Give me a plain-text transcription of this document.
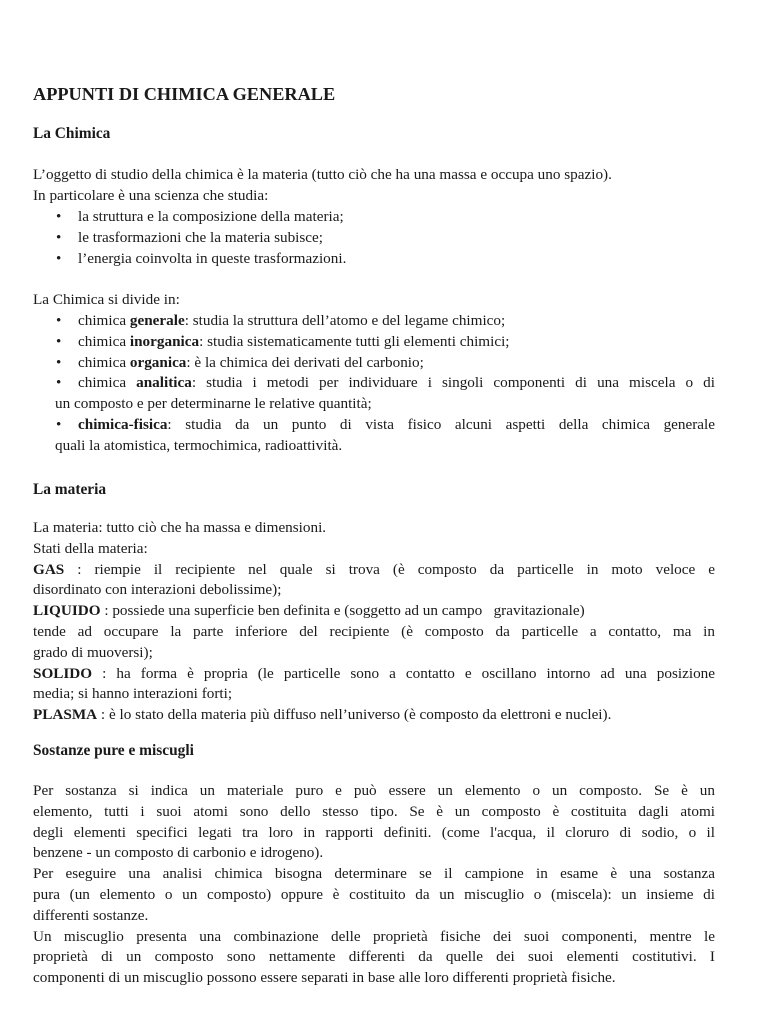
APPUNTI DI CHIMICA GENERALE
La Chimica
L’oggetto di studio della chimica è la materia (tutto ciò che ha una massa e occupa uno spazio).
In particolare è una scienza che studia:
• la struttura e la composizione della materia;
• le trasformazioni che la materia subisce;
• l’energia coinvolta in queste trasformazioni.
La Chimica si divide in:
• chimica generale: studia la struttura dell’atomo e del legame chimico;
• chimica inorganica: studia sistematicamente tutti gli elementi chimici;
• chimica organica: è la chimica dei derivati del carbonio;
• chimica analitica: studia i metodi per individuare i singoli componenti di una miscela o di
un composto e per determinarne le relative quantità;
• chimica-fisica: studia da un punto di vista fisico alcuni aspetti della chimica generale
quali la atomistica, termochimica, radioattività.
La materia
La materia: tutto ciò che ha massa e dimensioni.
Stati della materia:

GAS : riempie il recipiente nel quale si trova (è composto da particelle in moto veloce e

disordinato con interazioni debolissime);

LIQUIDO : possiede una superficie ben definita e (soggetto ad un campo   gravitazionale)

tende ad occupare la parte inferiore del recipiente (è composto da particelle a contatto, ma in

grado di muoversi);

SOLIDO : ha forma è propria (le particelle sono a contatto e oscillano intorno ad una posizione

media; si hanno interazioni forti;

PLASMA : è lo stato della materia più diffuso nell’universo (è composto da elettroni e nuclei).

Sostanze pure e miscugli

Per sostanza si indica un materiale puro e può essere un elemento o un composto. Se è un

elemento, tutti i suoi atomi sono dello stesso tipo. Se è un composto è costituita dagli atomi

degli elementi specifici legati tra loro in rapporti definiti. (come l'acqua, il cloruro di sodio, o il

benzene - un composto di carbonio e idrogeno).

Per eseguire una analisi chimica bisogna determinare se il campione in esame è una sostanza

pura (un elemento o un composto) oppure è costituito da un miscuglio o (miscela): un insieme di

differenti sostanze.

Un miscuglio presenta una combinazione delle proprietà fisiche dei suoi componenti, mentre le

proprietà di un composto sono nettamente differenti da quelle dei suoi elementi costitutivi. I

componenti di un miscuglio possono essere separati in base alle loro differenti proprietà fisiche.
